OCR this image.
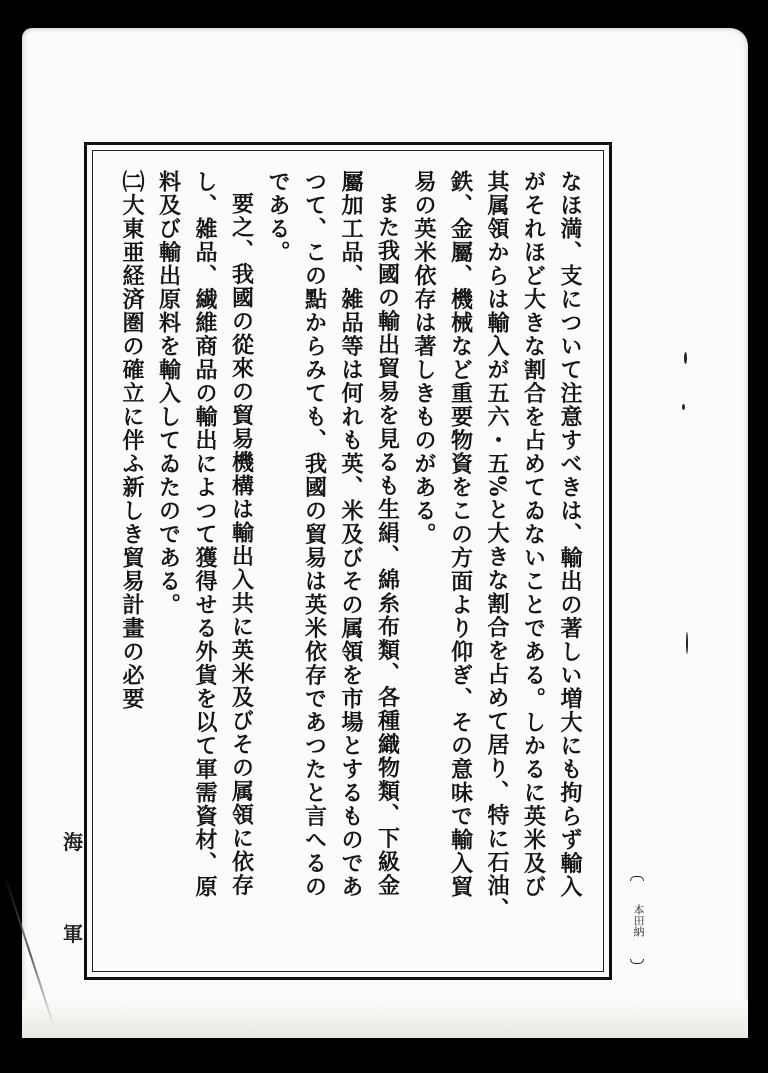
なほ満、支について注意すべきは、輸出の著しい増大にも拘らず輸入
がそれほど大きな割合を占めてゐないことである。しかるに英米及び
其属領からは輸入が五六・五%と大きな割合を占めて居り、特に石油、
鉄、金屬、機械など重要物資をこの方面より仰ぎ、その意味で輸入貿
易の英米依存は著しきものがある。
また我國の輸出貿易を見るも生絹、綿糸布類、各種織物類、下級金
屬加工品、雑品等は何れも英、米及びその属領を市場とするものであ
つて、この點からみても、我國の貿易は英米依存であつたと言へるの
である。
要之、我國の從來の貿易機構は輸出入共に英米及びその属領に依存
し、雑品、繊維商品の輸出によつて獲得せる外貨を以て軍需資材、原
料及び輸出原料を輸入してゐたのである。
㈡大東亜経済圏の確立に伴ふ新しき貿易計畫の必要
海
軍	本田納
